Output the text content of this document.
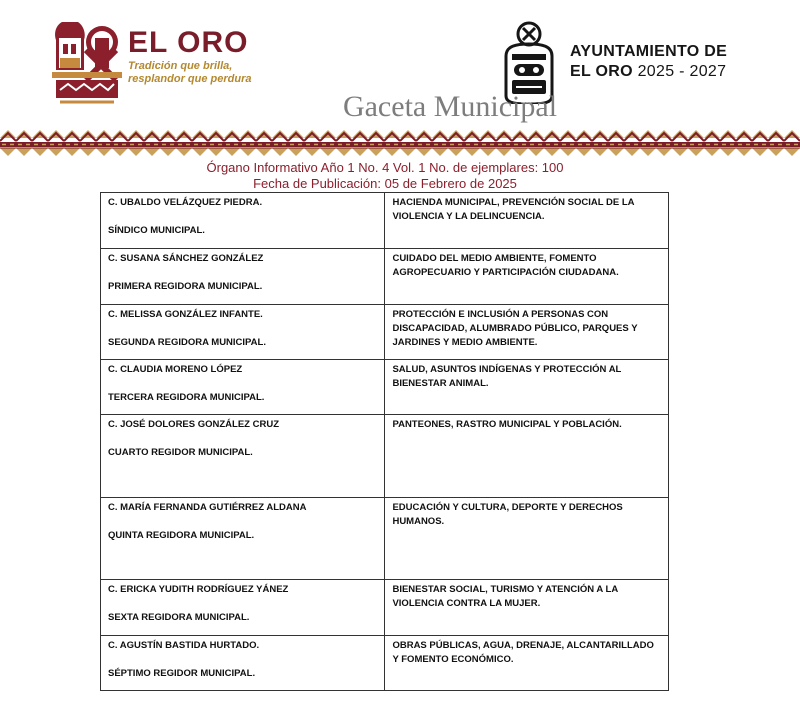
EL ORO
Tradición que brilla,
resplandor que perdura
AYUNTAMIENTO DE
EL ORO 2025 - 2027
Gaceta Municipal
Órgano Informativo Año 1 No. 4 Vol. 1 No. de ejemplares: 100
Fecha de Publicación: 05 de Febrero de 2025
C. UBALDO VELÁZQUEZ PIEDRA.
SÍNDICO MUNICIPAL.	HACIENDA MUNICIPAL, PREVENCIÓN SOCIAL DE LA VIOLENCIA Y LA DELINCUENCIA.

C. SUSANA SÁNCHEZ GONZÁLEZ
PRIMERA REGIDORA MUNICIPAL.	CUIDADO DEL MEDIO AMBIENTE, FOMENTO AGROPECUARIO Y PARTICIPACIÓN CIUDADANA.

C. MELISSA GONZÁLEZ INFANTE.
SEGUNDA REGIDORA MUNICIPAL.	PROTECCIÓN E INCLUSIÓN A PERSONAS CON DISCAPACIDAD, ALUMBRADO PÚBLICO, PARQUES Y JARDINES Y MEDIO AMBIENTE.

C. CLAUDIA MORENO LÓPEZ
TERCERA REGIDORA MUNICIPAL.	SALUD, ASUNTOS INDÍGENAS Y PROTECCIÓN AL BIENESTAR ANIMAL.

C. JOSÉ DOLORES GONZÁLEZ CRUZ
CUARTO REGIDOR MUNICIPAL.	PANTEONES, RASTRO MUNICIPAL Y POBLACIÓN.

C. MARÍA FERNANDA GUTIÉRREZ ALDANA
QUINTA REGIDORA MUNICIPAL.	EDUCACIÓN Y CULTURA, DEPORTE Y DERECHOS HUMANOS.

C. ERICKA YUDITH RODRÍGUEZ YÁNEZ
SEXTA REGIDORA MUNICIPAL.	BIENESTAR SOCIAL, TURISMO Y ATENCIÓN A LA VIOLENCIA CONTRA LA MUJER.

C. AGUSTÍN BASTIDA HURTADO.
SÉPTIMO REGIDOR MUNICIPAL.	OBRAS PÚBLICAS, AGUA, DRENAJE, ALCANTARILLADO Y FOMENTO ECONÓMICO.
